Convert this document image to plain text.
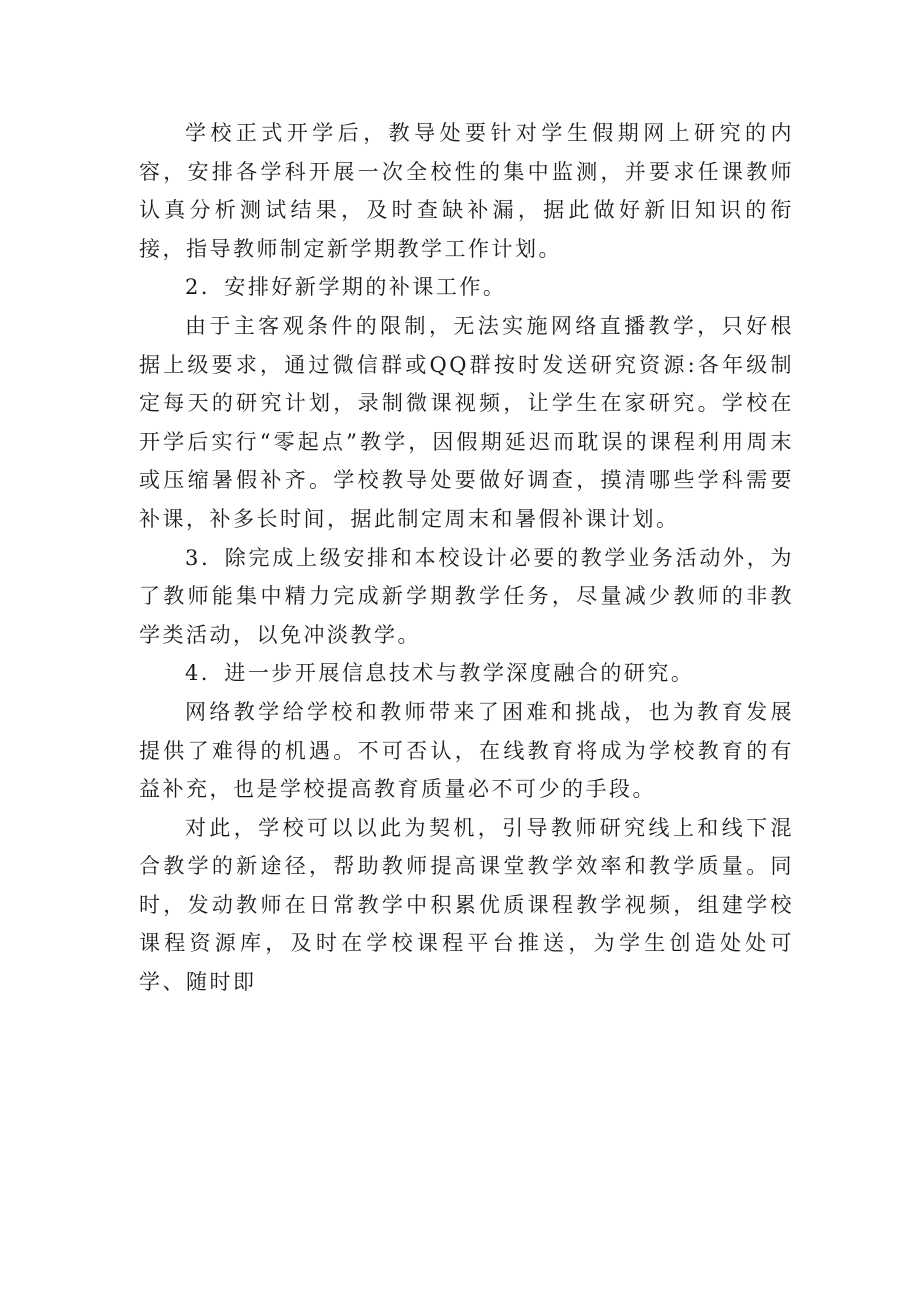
学校正式开学后，教导处要针对学生假期网上研究的内容，安排各学科开展一次全校性的集中监测，并要求任课教师认真分析测试结果，及时查缺补漏，据此做好新旧知识的衔接，指导教师制定新学期教学工作计划。

2．安排好新学期的补课工作。

由于主客观条件的限制，无法实施网络直播教学，只好根据上级要求，通过微信群或QQ群按时发送研究资源:各年级制定每天的研究计划，录制微课视频，让学生在家研究。学校在开学后实行“零起点”教学，因假期延迟而耽误的课程利用周末或压缩暑假补齐。学校教导处要做好调查，摸清哪些学科需要补课，补多长时间，据此制定周末和暑假补课计划。

3．除完成上级安排和本校设计必要的教学业务活动外，为了教师能集中精力完成新学期教学任务，尽量减少教师的非教学类活动，以免冲淡教学。

4．进一步开展信息技术与教学深度融合的研究。

网络教学给学校和教师带来了困难和挑战，也为教育发展提供了难得的机遇。不可否认，在线教育将成为学校教育的有益补充，也是学校提高教育质量必不可少的手段。

对此，学校可以以此为契机，引导教师研究线上和线下混合教学的新途径，帮助教师提高课堂教学效率和教学质量。同时，发动教师在日常教学中积累优质课程教学视频，组建学校课程资源库，及时在学校课程平台推送，为学生创造处处可学、随时即
